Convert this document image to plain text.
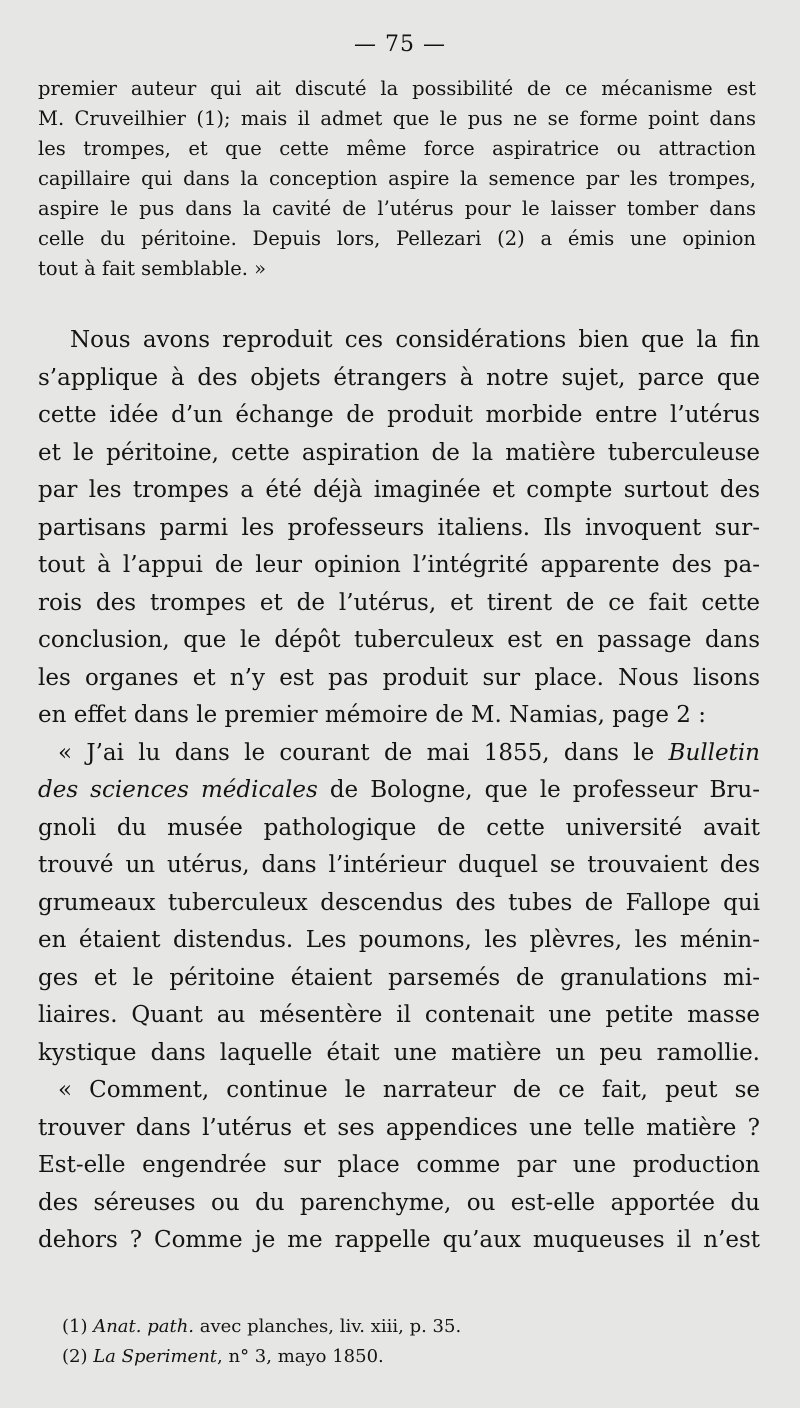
— 75 —
premier auteur qui ait discuté la possibilité de ce mécanisme est
M. Cruveilhier (1); mais il admet que le pus ne se forme point dans
les trompes, et que cette même force aspiratrice ou attraction
capillaire qui dans la conception aspire la semence par les trompes,
aspire le pus dans la cavité de l’utérus pour le laisser tomber dans
celle du péritoine. Depuis lors, Pellezari (2) a émis une opinion
tout à fait semblable. »
Nous avons reproduit ces considérations bien que la fin
s’applique à des objets étrangers à notre sujet, parce que
cette idée d’un échange de produit morbide entre l’utérus
et le péritoine, cette aspiration de la matière tuberculeuse
par les trompes a été déjà imaginée et compte surtout des
partisans parmi les professeurs italiens. Ils invoquent sur-
tout à l’appui de leur opinion l’intégrité apparente des pa-
rois des trompes et de l’utérus, et tirent de ce fait cette
conclusion, que le dépôt tuberculeux est en passage dans
les organes et n’y est pas produit sur place. Nous lisons
en effet dans le premier mémoire de M. Namias, page 2 :
« J’ai lu dans le courant de mai 1855, dans le Bulletin
des sciences médicales de Bologne, que le professeur Bru-
gnoli du musée pathologique de cette université avait
trouvé un utérus, dans l’intérieur duquel se trouvaient des
grumeaux tuberculeux descendus des tubes de Fallope qui
en étaient distendus. Les poumons, les plèvres, les ménin-
ges et le péritoine étaient parsemés de granulations mi-
liaires. Quant au mésentère il contenait une petite masse
kystique dans laquelle était une matière un peu ramollie.
« Comment, continue le narrateur de ce fait, peut se
trouver dans l’utérus et ses appendices une telle matière ?
Est-elle engendrée sur place comme par une production
des séreuses ou du parenchyme, ou est-elle apportée du
dehors ? Comme je me rappelle qu’aux muqueuses il n’est
(1) Anat. path. avec planches, liv. xiii, p. 35.
(2) La Speriment, n° 3, mayo 1850.
